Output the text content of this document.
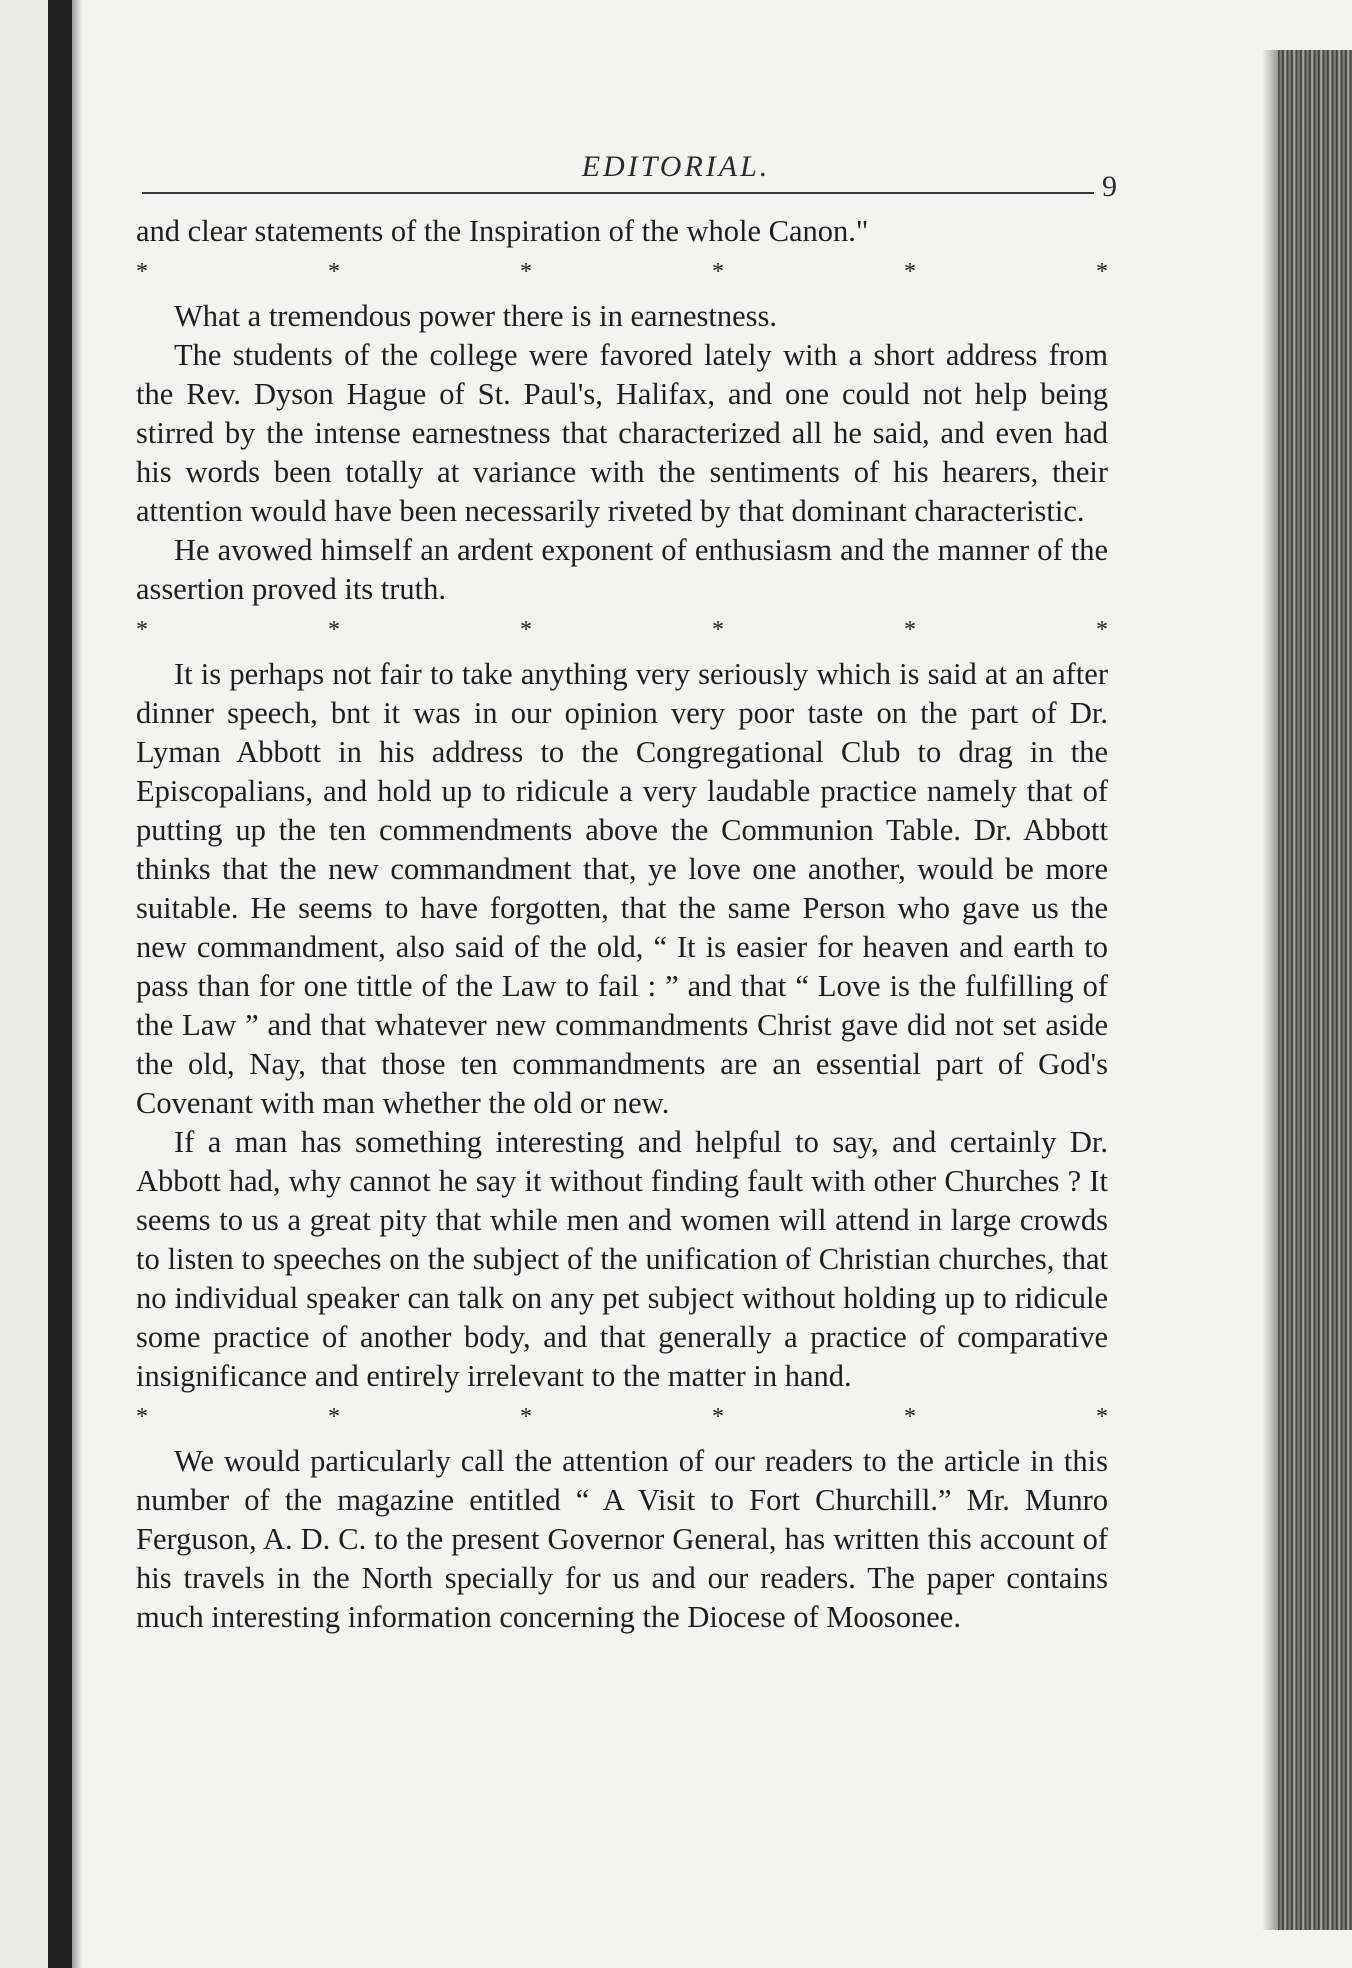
EDITORIAL.
9

and clear statements of the Inspiration of the whole Canon."

*	*	*	*	*	*

What a tremendous power there is in earnestness.

The students of the college were favored lately with a short address from the Rev. Dyson Hague of St. Paul's, Halifax, and one could not help being stirred by the intense earnestness that characterized all he said, and even had his words been totally at variance with the sentiments of his hearers, their attention would have been necessarily riveted by that dominant characteristic.

He avowed himself an ardent exponent of enthusiasm and the manner of the assertion proved its truth.

*	*	*	*	*	*

It is perhaps not fair to take anything very seriously which is said at an after dinner speech, bnt it was in our opinion very poor taste on the part of Dr. Lyman Abbott in his address to the Congregational Club to drag in the Episcopalians, and hold up to ridicule a very laudable practice namely that of putting up the ten commendments above the Communion Table. Dr. Abbott thinks that the new commandment that, ye love one another, would be more suitable. He seems to have forgotten, that the same Person who gave us the new commandment, also said of the old, “ It is easier for heaven and earth to pass than for one tittle of the Law to fail : ” and that “ Love is the fulfilling of the Law ” and that whatever new commandments Christ gave did not set aside the old, Nay, that those ten commandments are an essential part of God's Covenant with man whether the old or new.

If a man has something interesting and helpful to say, and certainly Dr. Abbott had, why cannot he say it without finding fault with other Churches ? It seems to us a great pity that while men and women will attend in large crowds to listen to speeches on the subject of the unification of Christian churches, that no individual speaker can talk on any pet subject without holding up to ridicule some practice of another body, and that generally a practice of comparative insignificance and entirely irrelevant to the matter in hand.

*	*	*	*	*	*

We would particularly call the attention of our readers to the article in this number of the magazine entitled “ A Visit to Fort Churchill.” Mr. Munro Ferguson, A. D. C. to the present Governor General, has written this account of his travels in the North specially for us and our readers. The paper contains much interesting information concerning the Diocese of Moosonee.
